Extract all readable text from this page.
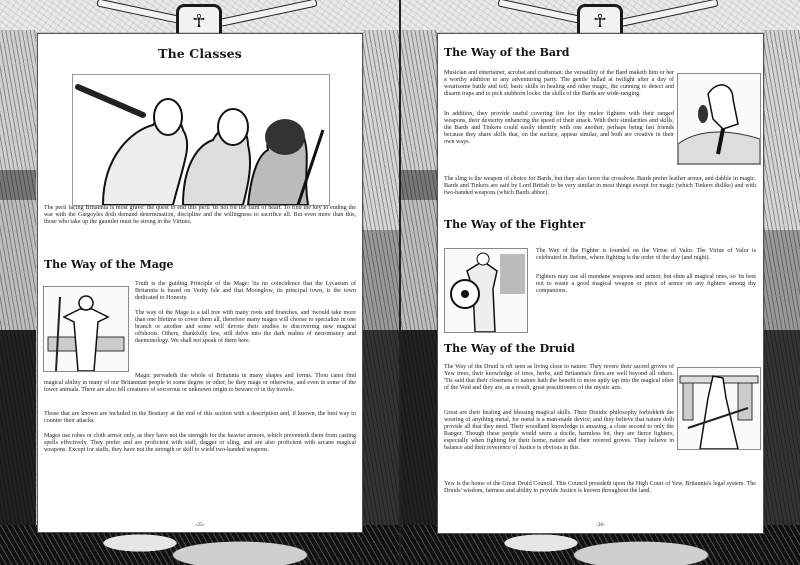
☥	☥
The Classes
The peril facing Britannia is most grave: the quest to end this peril 'tis not for the faint of heart. To find the key to ending the war with the Gargoyles doth demand determination, discipline and the willingness to sacrifice all. But even more than this, those who take up the gauntlet must be strong in the Virtues.
The Way of the Mage
Truth is the guiding Principle of the Mage: 'tis no coincidence that the Lycaeum of Britannia is based on Verity Isle and that Moonglow, its principal town, is the town dedicated to Honesty.
The way of the Mage is a tall tree with many roots and branches, and 'twould take more than one lifetime to cover them all, therefore many mages will choose to specialize in one branch or another and some will devote their studies to discovering new magical offshoots. Others, thankfully few, still delve into the dark realms of necromancy and daemonology. We shall not speak of them here.
Magic pervadeth the whole of Britannia in many shapes and forms. Thou canst find magical ability in many of our Britannian people to some degree or other, be they mage or otherwise, and even in some of the lower animals. There are also fell creatures of sorcerous or unknown origin to beware of in thy travels.
Those that are known are included in the Bestiary at the end of this section with a description and, if known, the best way to counter their attacks.
Mages use robes or cloth armor only, as they have not the strength for the heavier armors, which preventeth them from casting spells effectively. They prefer and are proficient with staff, dagger or sling, and are also proficient with arcane magical weapons. Except for staffs, they have not the strength or skill to wield two-handed weapons.
-25-
The Way of the Bard
Musician and entertainer, acrobat and craftsman: the versatility of the Bard maketh him or her a worthy addition to any adventuring party. The gentle ballad at twilight after a day of wearisome battle and toil; basic skills in healing and other magic, the cunning to detect and disarm traps and to pick stubborn locks: the skills of the Bards are wide-ranging.
In addition, they provide useful covering fire for thy melee fighters with their ranged weapons, their dexterity enhancing the speed of their attack. With their similarities and skills, the Bards and Tinkers could easily identify with one another, perhaps being fast friends because they share skills that, on the surface, appear similar, and both are creative in their own ways.
The sling is the weapon of choice for Bards, but they also favor the crossbow. Bards prefer leather armor, and dabble in magic. Bards and Tinkers are said by Lord British to be very similar in most things except for magic (which Tinkers dislike) and with two-handed weapons (which Bards abhor).
The Way of the Fighter
The Way of the Fighter is founded on the Virtue of Valor. The Virtue of Valor is celebrated in Jhelom, where fighting is the order of the day (and night).
Fighters may use all mundane weapons and armor, but shun all magical ones, so 'tis best not to waste a good magical weapon or piece of armor on any fighters among thy companions.
The Way of the Druid
The Way of the Druid is oft seen as living close to nature. They revere their sacred groves of Yew trees, their knowledge of trees, herbs, and Britannia's flora are well beyond all others. 'Tis said that their closeness to nature hath the benefit to more aptly tap into the magical ether of the Void and they are, as a result, great practitioners of the mystic arts.
Great are their healing and blessing magical skills. Their Druidic philosophy forbiddeth the wearing of anything metal, for metal is a man-made device, and they believe that nature doth provide all that they need. Their woodland knowledge is amazing, a close second to only the Ranger. Though these people would seem a docile, harmless lot, they are fierce fighters, especially when fighting for their home, nature and their revered groves. They believe in balance and their reverence of Justice is obvious in this.
Yew is the home of the Great Druid Council. This Council presideth upon the High Court of Yew, Britannia's legal system. The Druids' wisdom, fairness and ability to provide Justice is known throughout the land.
-26-
